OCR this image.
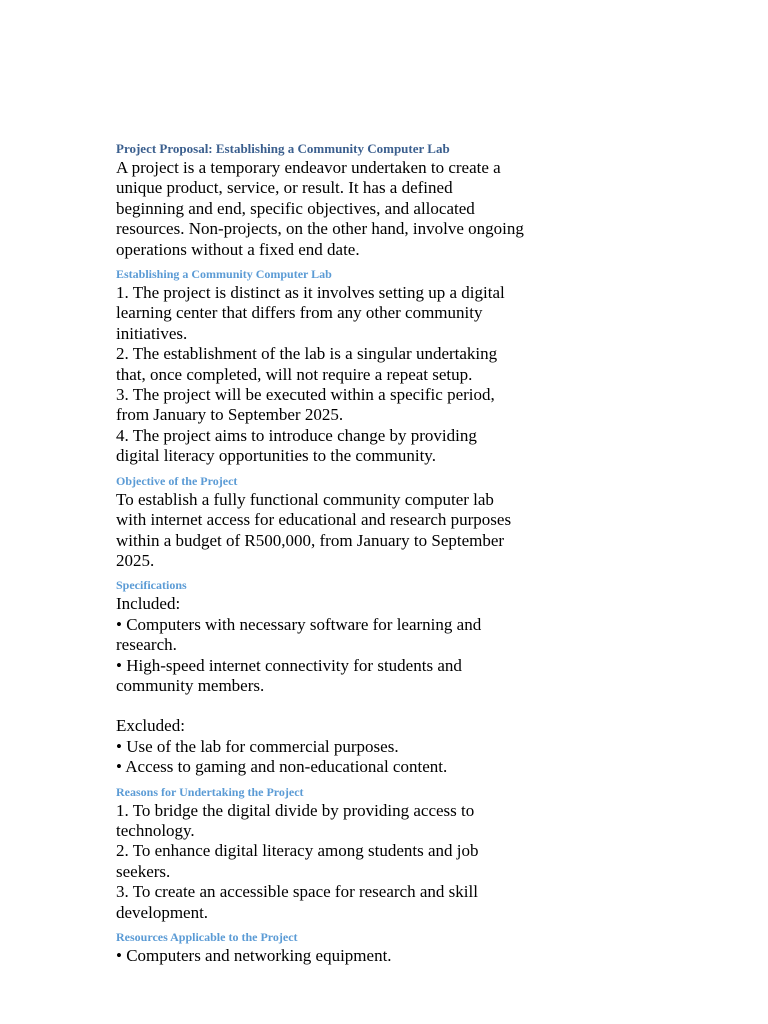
Project Proposal: Establishing a Community Computer Lab
A project is a temporary endeavor undertaken to create a
unique product, service, or result. It has a defined
beginning and end, specific objectives, and allocated
resources. Non-projects, on the other hand, involve ongoing
operations without a fixed end date.
Establishing a Community Computer Lab
1. The project is distinct as it involves setting up a digital
learning center that differs from any other community
initiatives.
2. The establishment of the lab is a singular undertaking
that, once completed, will not require a repeat setup.
3. The project will be executed within a specific period,
from January to September 2025.
4. The project aims to introduce change by providing
digital literacy opportunities to the community.
Objective of the Project
To establish a fully functional community computer lab
with internet access for educational and research purposes
within a budget of R500,000, from January to September
2025.
Specifications
Included:
• Computers with necessary software for learning and
research.
• High-speed internet connectivity for students and
community members.
Excluded:
• Use of the lab for commercial purposes.
• Access to gaming and non-educational content.
Reasons for Undertaking the Project
1. To bridge the digital divide by providing access to
technology.
2. To enhance digital literacy among students and job
seekers.
3. To create an accessible space for research and skill
development.
Resources Applicable to the Project
• Computers and networking equipment.
